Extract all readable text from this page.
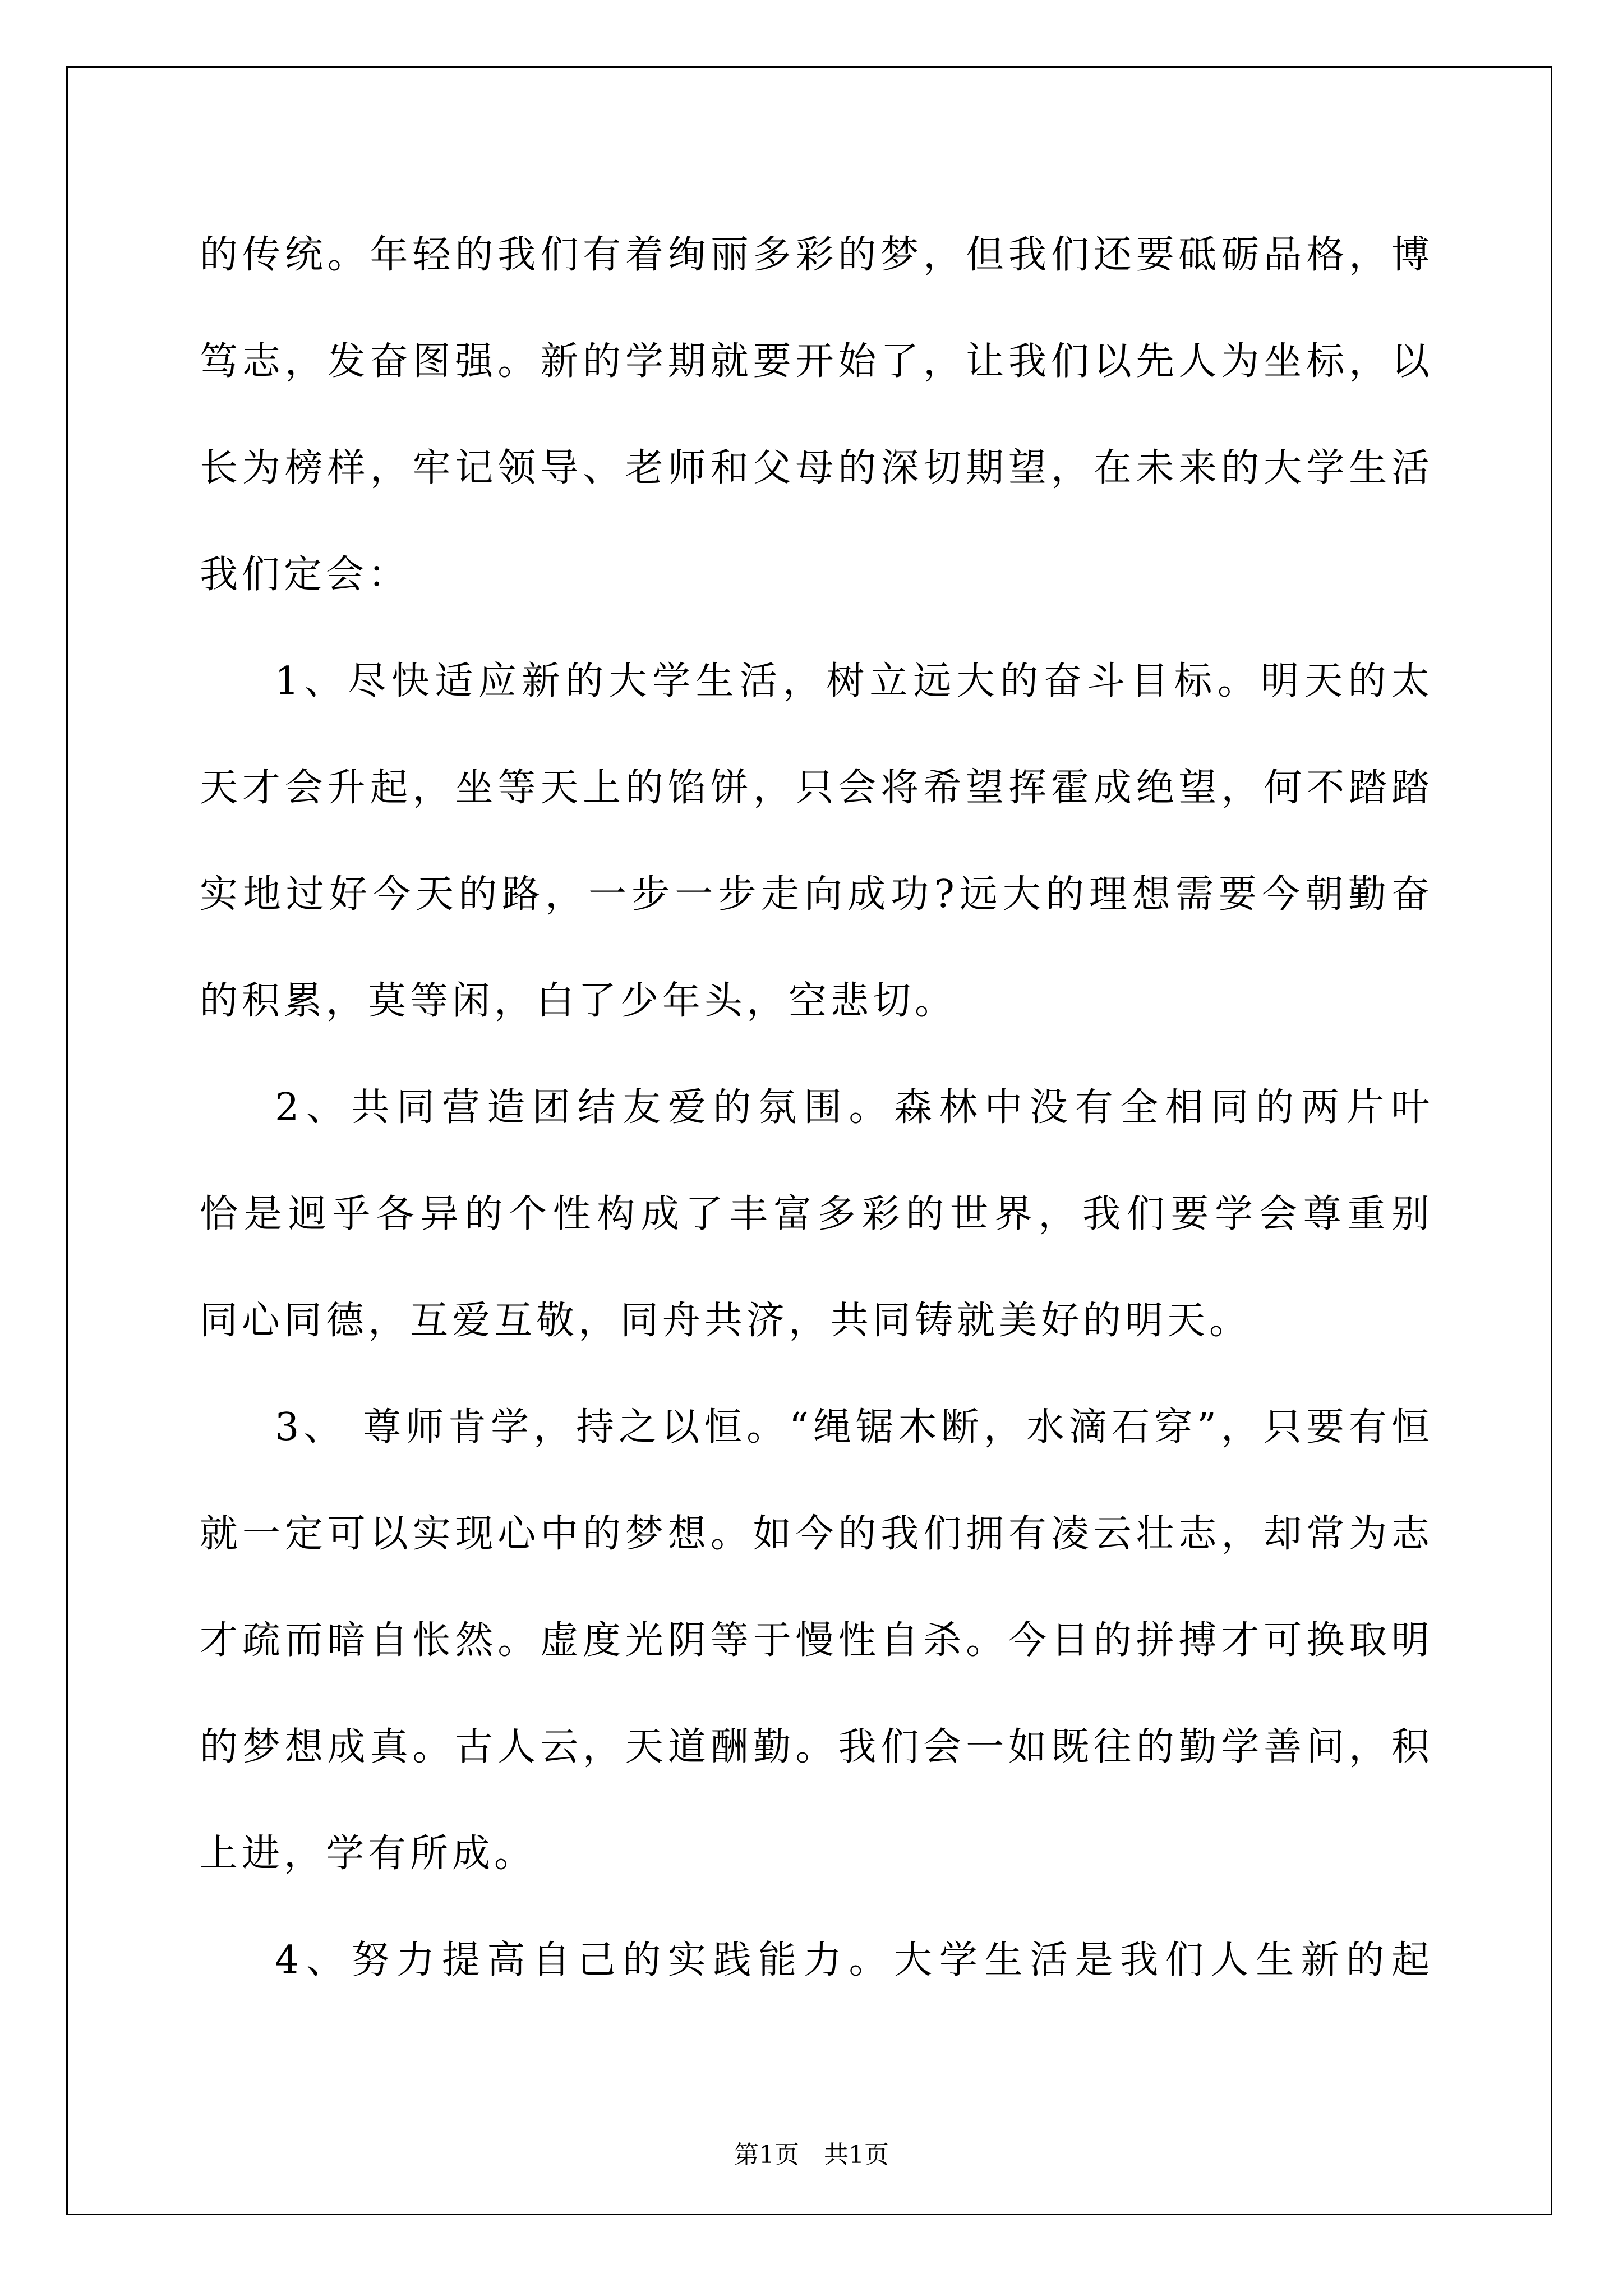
的传统。年轻的我们有着绚丽多彩的梦，但我们还要砥砺品格，博
笃志，发奋图强。新的学期就要开始了，让我们以先人为坐标，以
长为榜样，牢记领导、老师和父母的深切期望，在未来的大学生活
我们定会：
1、尽快适应新的大学生活，树立远大的奋斗目标。明天的太
天才会升起，坐等天上的馅饼，只会将希望挥霍成绝望，何不踏踏
实地过好今天的路，一步一步走向成功?远大的理想需要今朝勤奋
的积累，莫等闲，白了少年头，空悲切。
2、共同营造团结友爱的氛围。森林中没有全相同的两片叶
恰是迥乎各异的个性构成了丰富多彩的世界，我们要学会尊重别
同心同德，互爱互敬，同舟共济，共同铸就美好的明天。
3、 尊师肯学，持之以恒。“绳锯木断，水滴石穿”，只要有恒
就一定可以实现心中的梦想。如今的我们拥有凌云壮志，却常为志
才疏而暗自怅然。虚度光阴等于慢性自杀。今日的拼搏才可换取明
的梦想成真。古人云，天道酬勤。我们会一如既往的勤学善问，积
上进，学有所成。
4、努力提高自己的实践能力。大学生活是我们人生新的起
第1页 共1页
